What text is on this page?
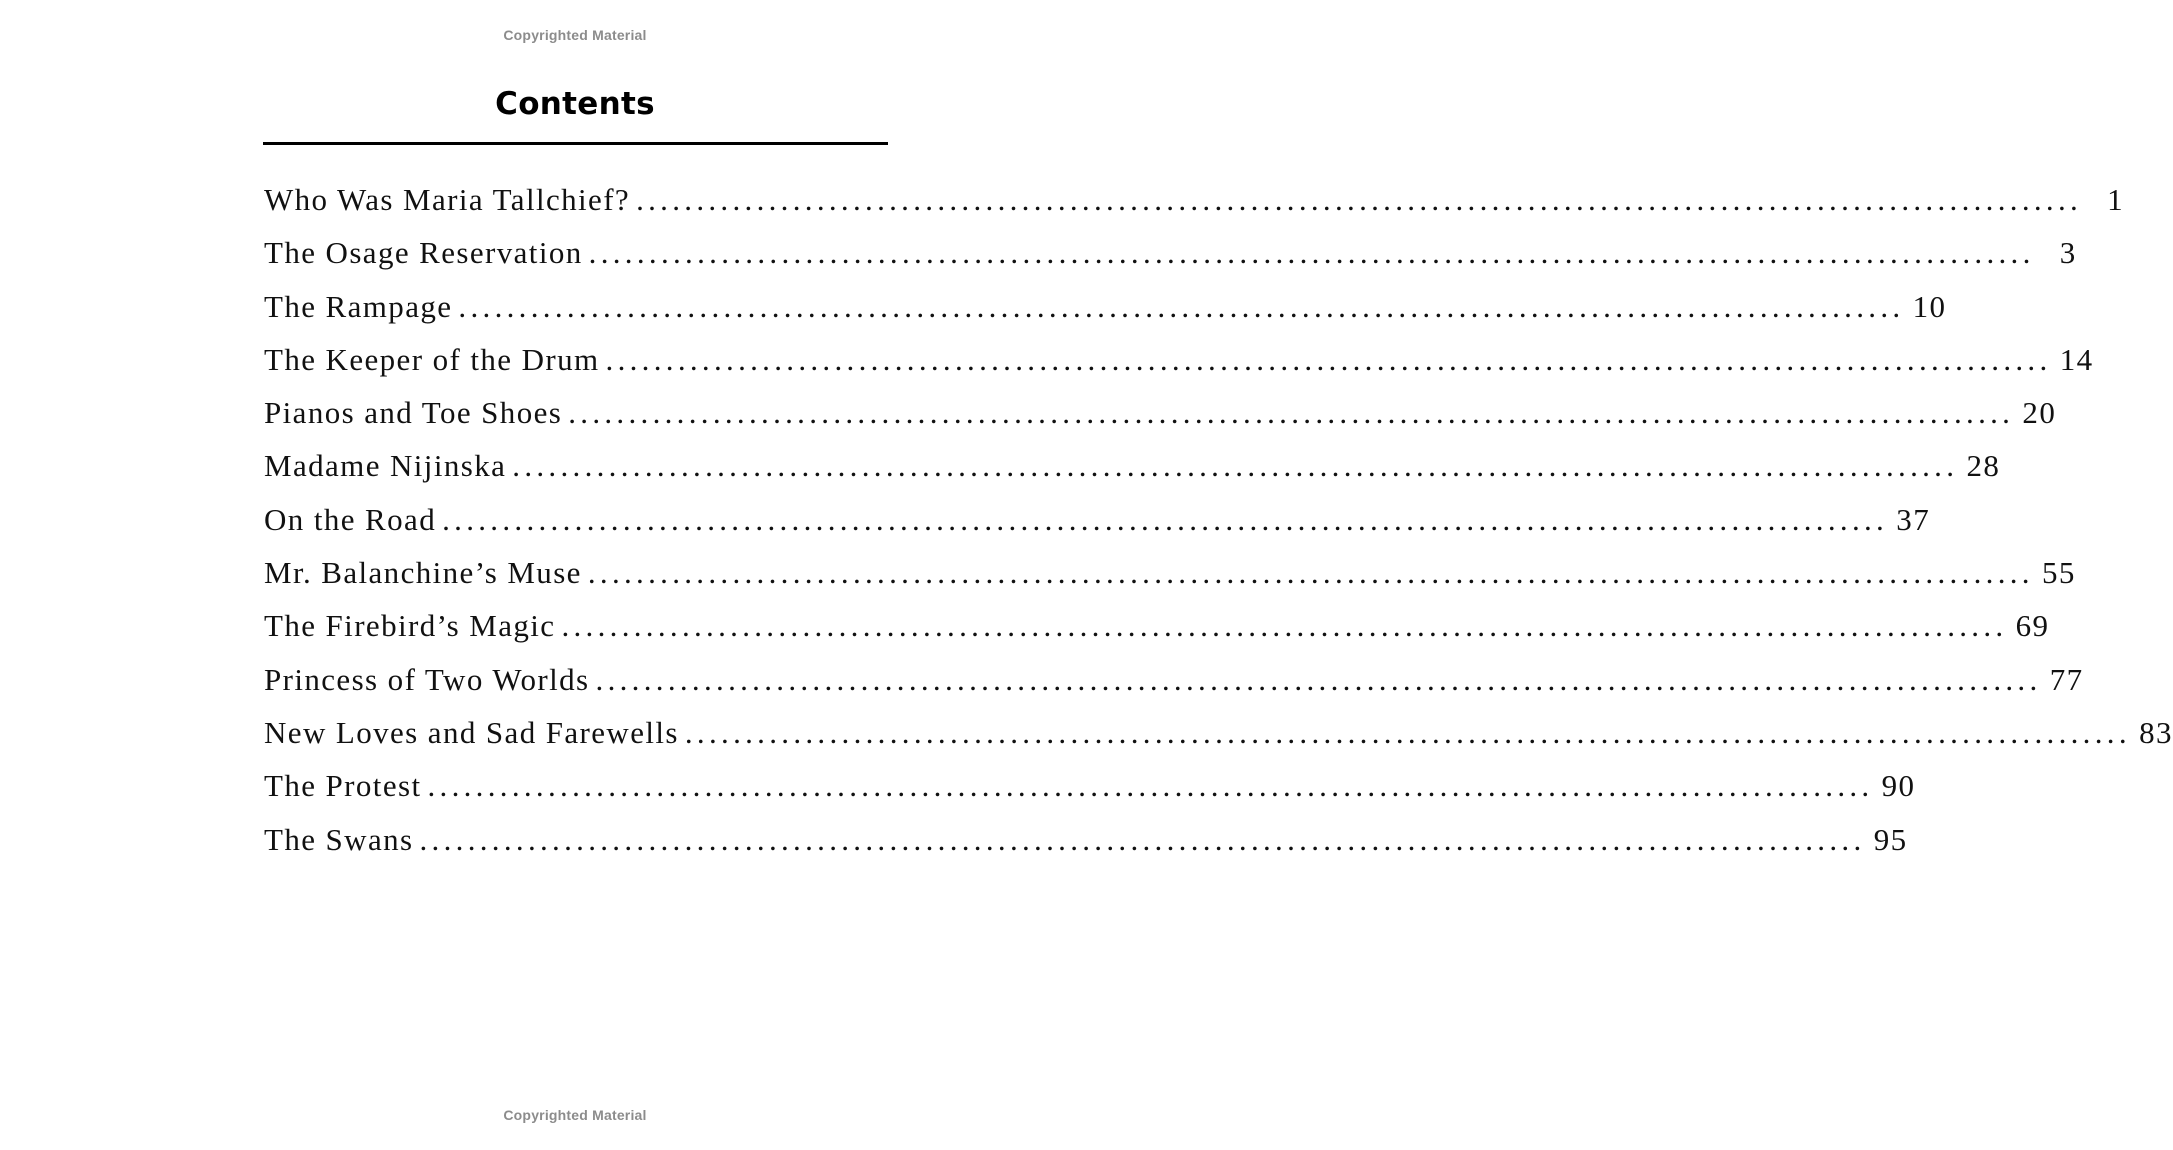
Copyrighted Material
Contents
Who Was Maria Tallchief? ........................................................................................................................ 1
The Osage Reservation ........................................................................................................................ 3
The Rampage ........................................................................................................................ 10
The Keeper of the Drum ........................................................................................................................ 14
Pianos and Toe Shoes ........................................................................................................................ 20
Madame Nijinska ........................................................................................................................ 28
On the Road ........................................................................................................................ 37
Mr. Balanchine’s Muse ........................................................................................................................ 55
The Firebird’s Magic ........................................................................................................................ 69
Princess of Two Worlds ........................................................................................................................ 77
New Loves and Sad Farewells ........................................................................................................................ 83
The Protest ........................................................................................................................ 90
The Swans ........................................................................................................................ 95
Copyrighted Material
